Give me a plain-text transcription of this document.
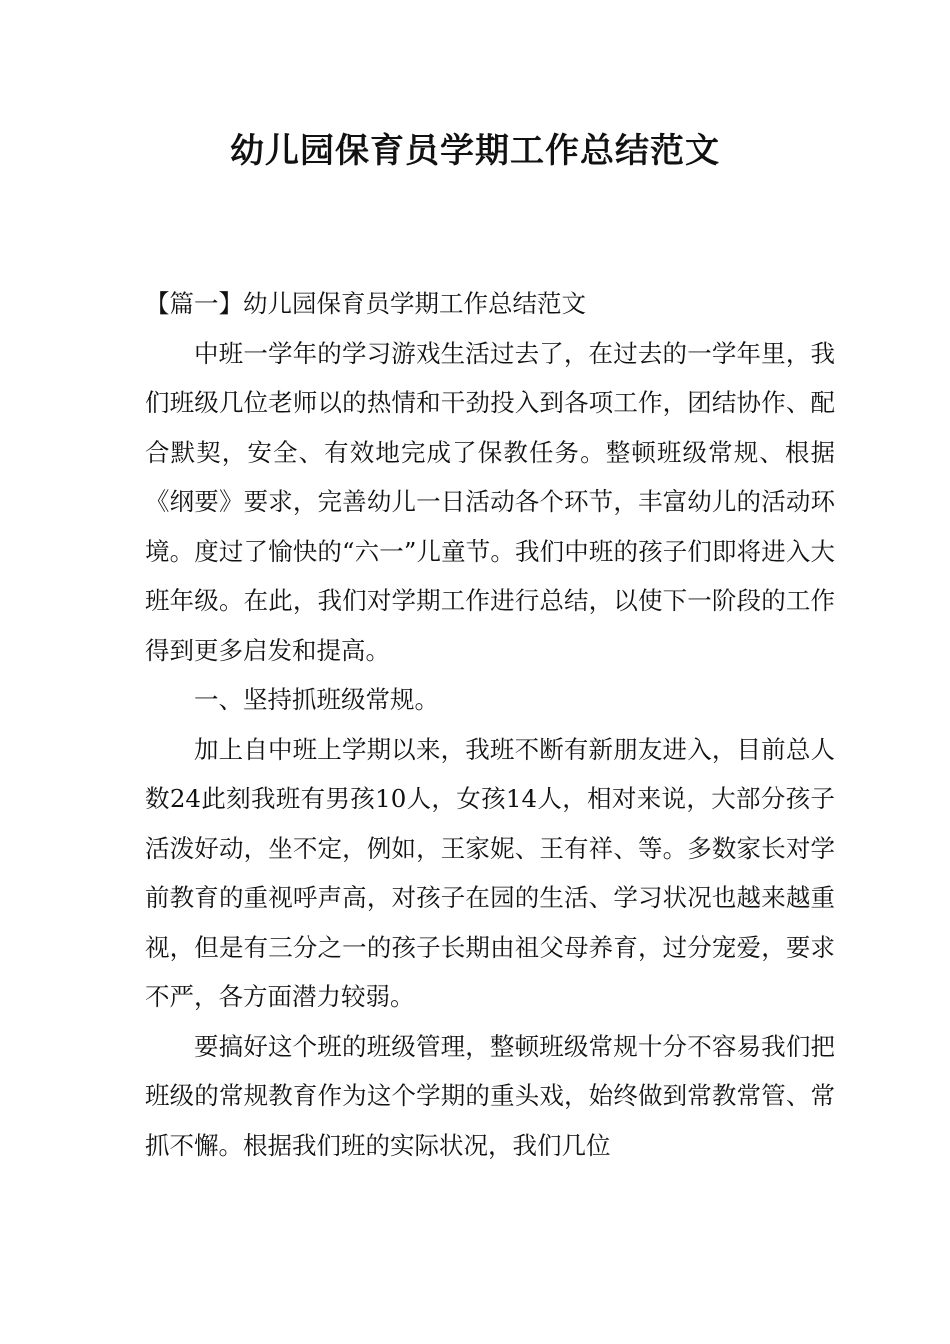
幼儿园保育员学期工作总结范文
【篇一】幼儿园保育员学期工作总结范文

中班一学年的学习游戏生活过去了，在过去的一学年里，我们班级几位老师以的热情和干劲投入到各项工作，团结协作、配合默契，安全、有效地完成了保教任务。整顿班级常规、根据《纲要》要求，完善幼儿一日活动各个环节，丰富幼儿的活动环境。度过了愉快的“六一”儿童节。我们中班的孩子们即将进入大班年级。在此，我们对学期工作进行总结，以使下一阶段的工作得到更多启发和提高。

一、坚持抓班级常规。

加上自中班上学期以来，我班不断有新朋友进入，目前总人数24此刻我班有男孩10人，女孩14人，相对来说，大部分孩子活泼好动，坐不定，例如，王家妮、王有祥、等。多数家长对学前教育的重视呼声高，对孩子在园的生活、学习状况也越来越重视，但是有三分之一的孩子长期由祖父母养育，过分宠爱，要求不严，各方面潜力较弱。

要搞好这个班的班级管理，整顿班级常规十分不容易我们把班级的常规教育作为这个学期的重头戏，始终做到常教常管、常抓不懈。根据我们班的实际状况，我们几位
